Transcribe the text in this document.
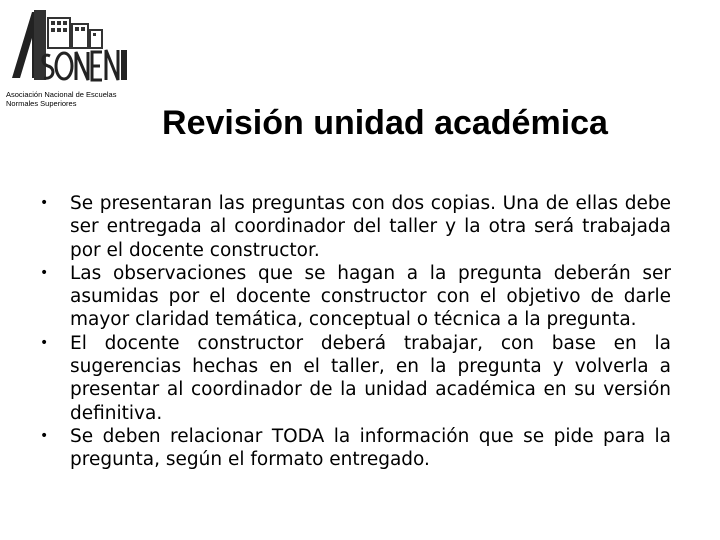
Asociación Nacional de Escuelas
Normales Superiores
Revisión unidad académica
• Se presentaran las preguntas con dos copias. Una de ellas debe ser entregada al coordinador del taller y la otra será trabajada por el docente constructor.
• Las observaciones que se hagan a la pregunta deberán ser asumidas por el docente constructor con el objetivo de darle mayor claridad temática, conceptual o técnica a la pregunta.
• El docente constructor deberá trabajar, con base en la sugerencias hechas en el taller, en la pregunta y volverla a presentar al coordinador de la unidad académica en su versión definitiva.
• Se deben relacionar TODA la información que se pide para la pregunta, según el formato entregado.
